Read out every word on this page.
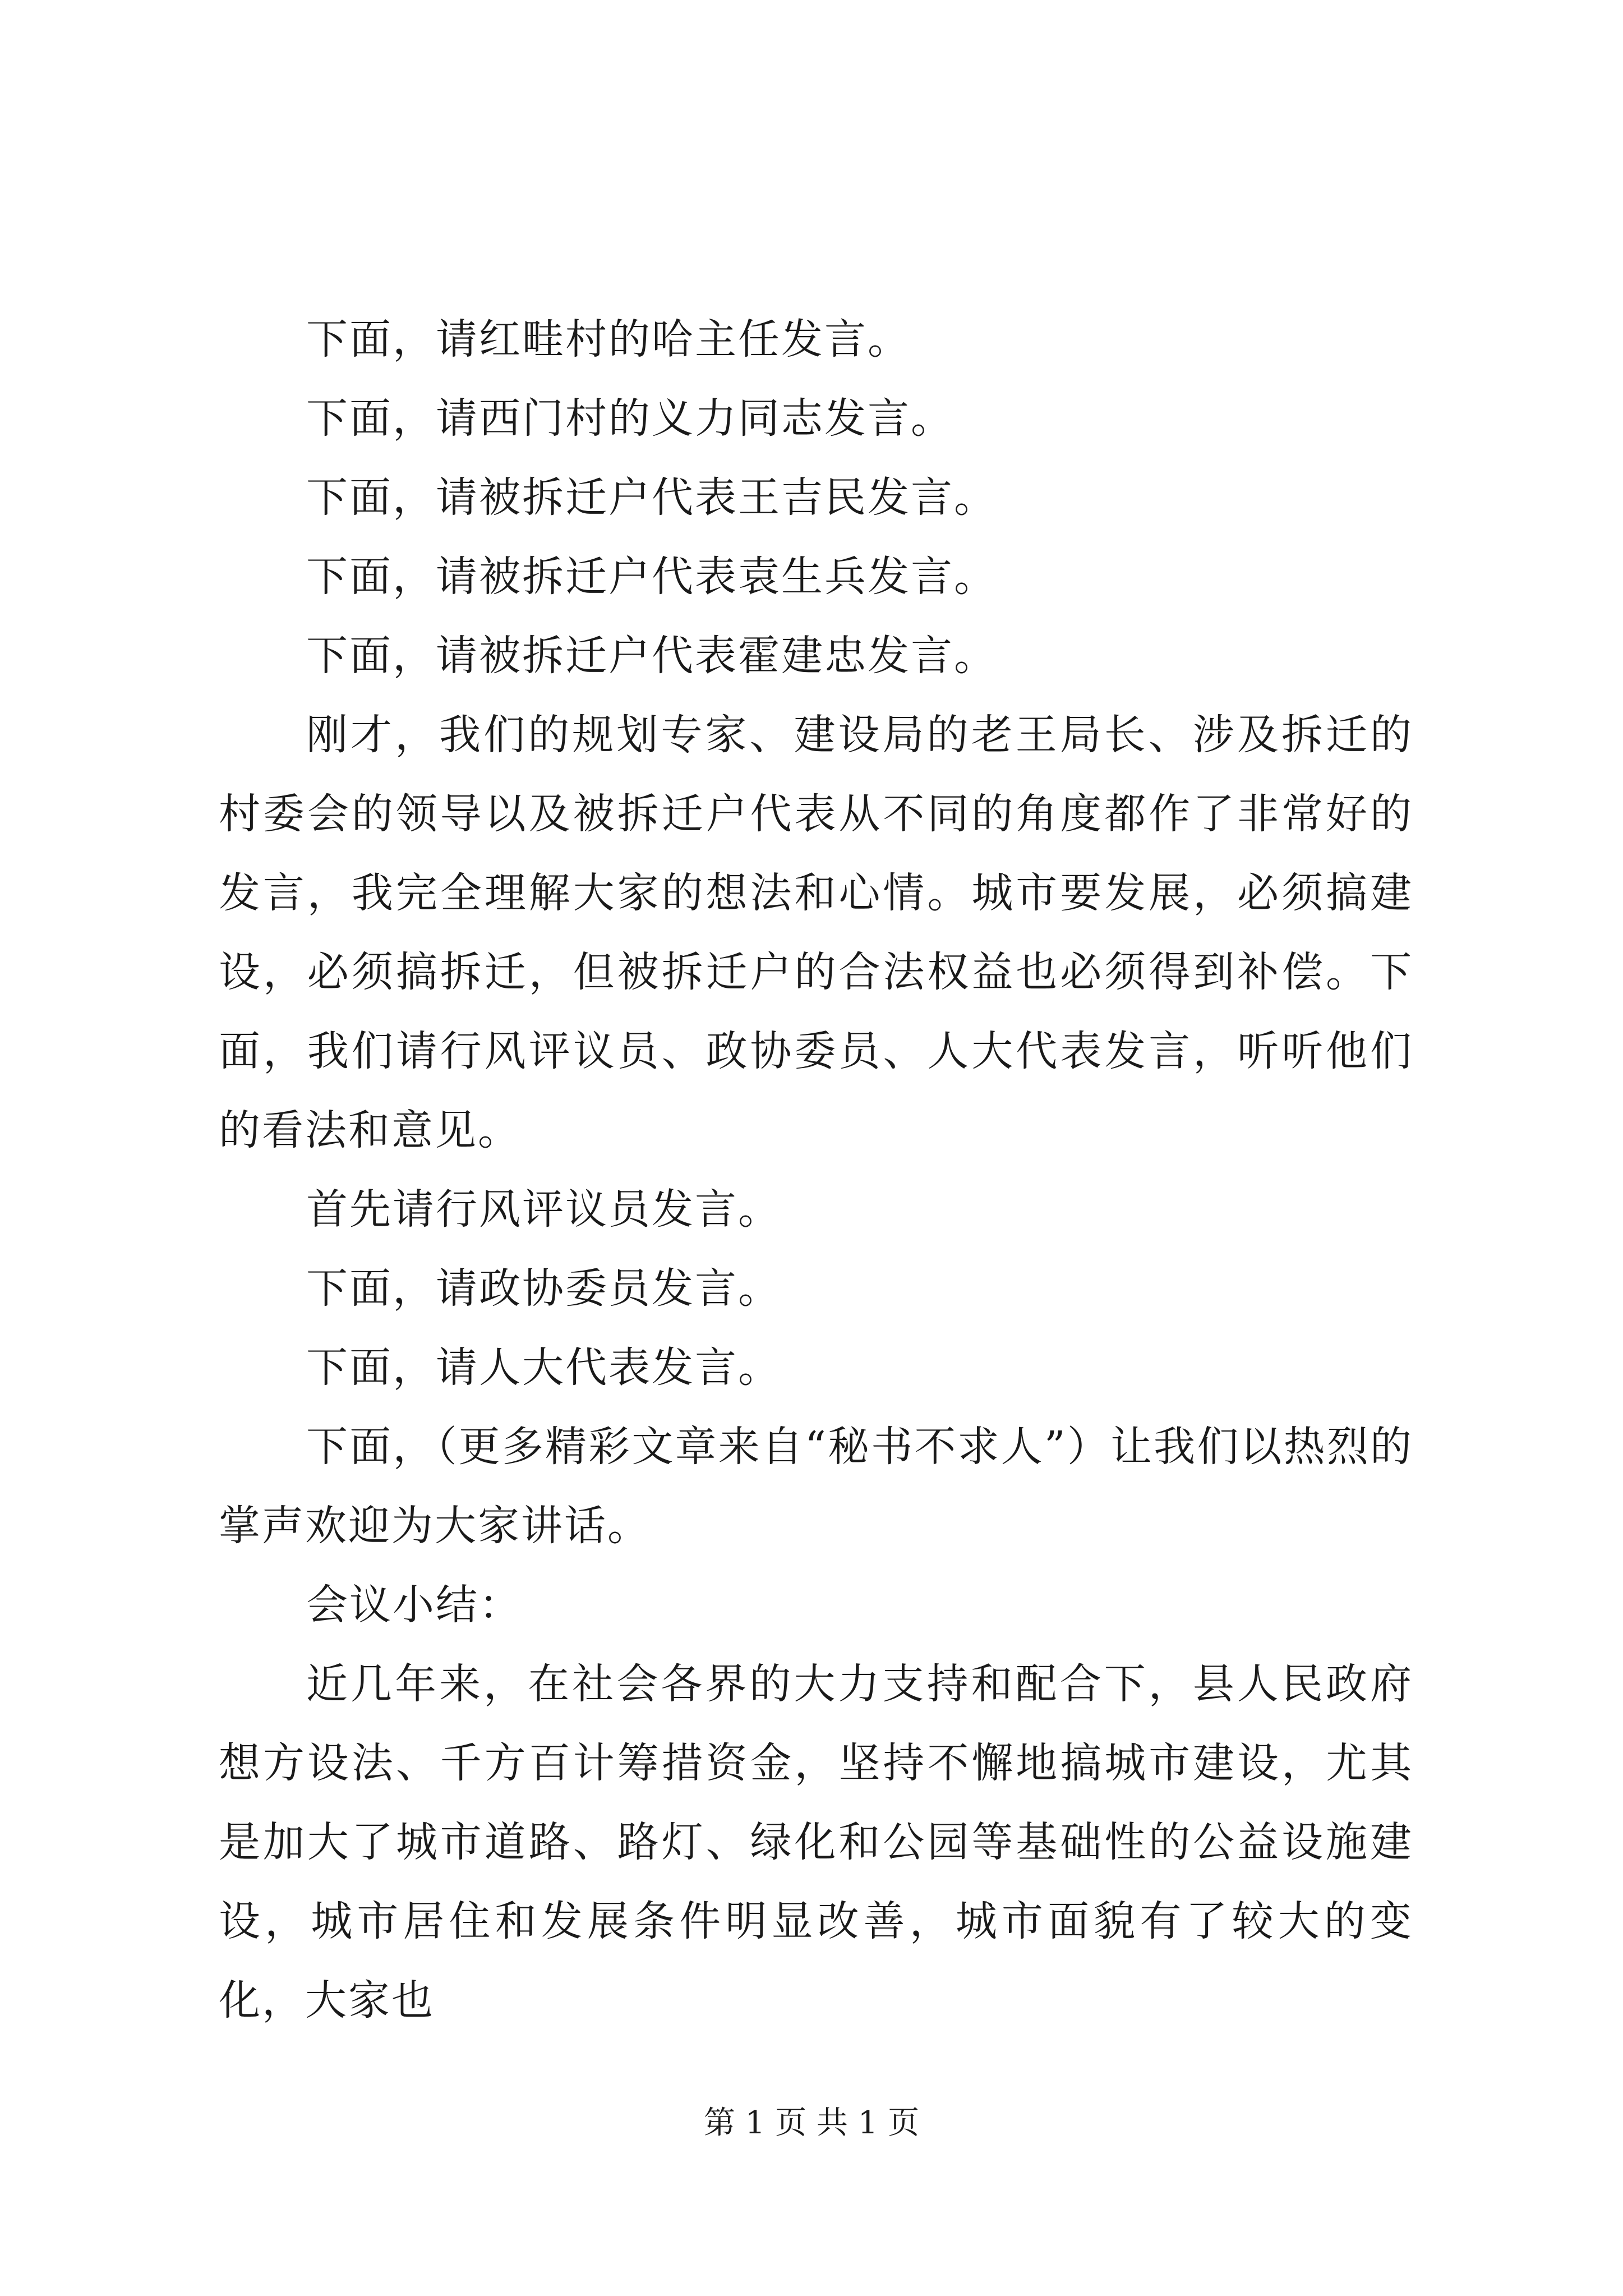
下面，请红畦村的哈主任发言。

下面，请西门村的义力同志发言。

下面，请被拆迁户代表王吉民发言。

下面，请被拆迁户代表袁生兵发言。

下面，请被拆迁户代表霍建忠发言。

刚才，我们的规划专家、建设局的老王局长、涉及拆迁的村委会的领导以及被拆迁户代表从不同的角度都作了非常好的发言，我完全理解大家的想法和心情。城市要发展，必须搞建设，必须搞拆迁，但被拆迁户的合法权益也必须得到补偿。下面，我们请行风评议员、政协委员、人大代表发言，听听他们的看法和意见。

首先请行风评议员发言。

下面，请政协委员发言。

下面，请人大代表发言。

下面，（更多精彩文章来自“秘书不求人”）让我们以热烈的掌声欢迎为大家讲话。

会议小结：

近几年来，在社会各界的大力支持和配合下，县人民政府想方设法、千方百计筹措资金，坚持不懈地搞城市建设，尤其是加大了城市道路、路灯、绿化和公园等基础性的公益设施建设，城市居住和发展条件明显改善，城市面貌有了较大的变化，大家也

第 1 页 共 1 页
